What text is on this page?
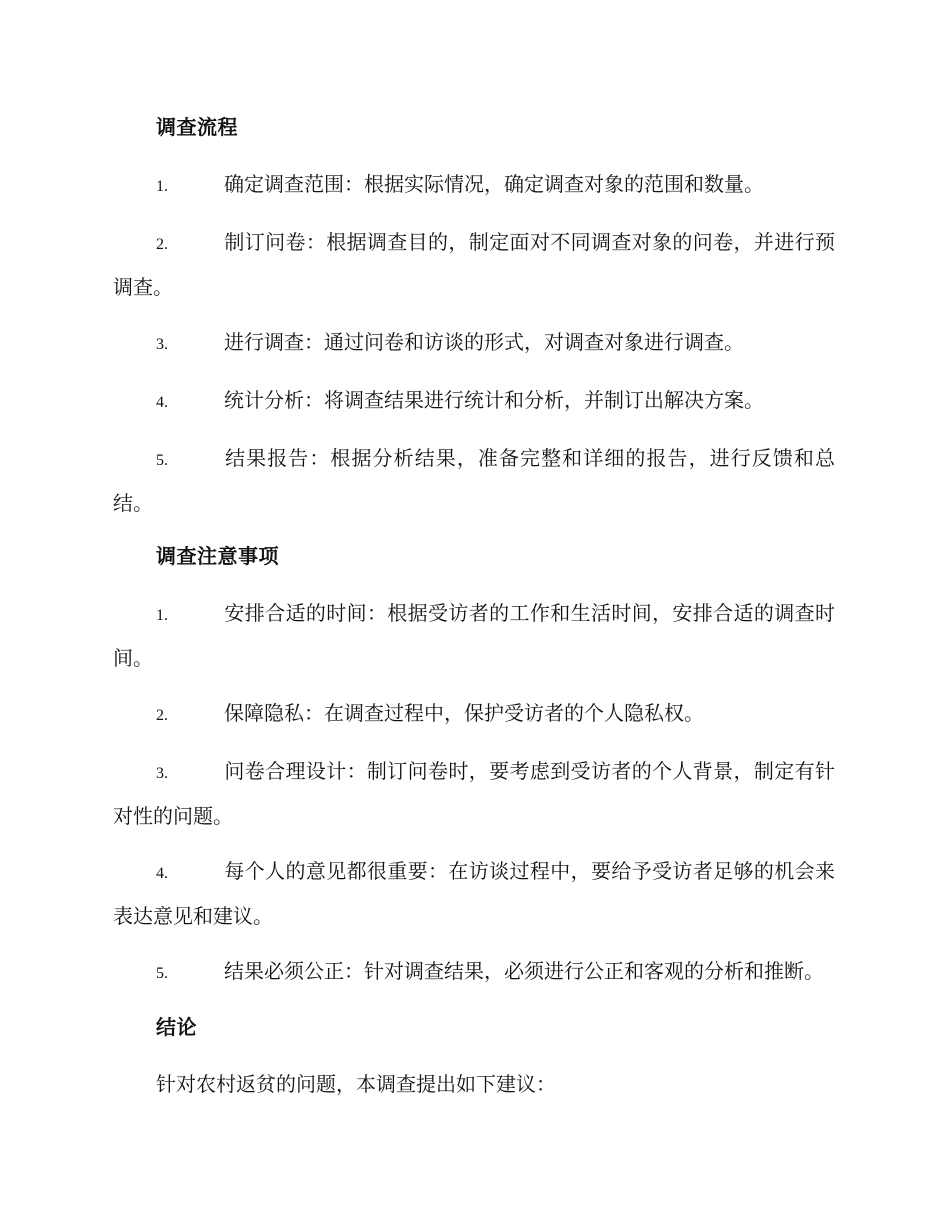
调查流程

1.	确定调查范围：根据实际情况，确定调查对象的范围和数量。

2.	制订问卷：根据调查目的，制定面对不同调查对象的问卷，并进行预调查。

3.	进行调查：通过问卷和访谈的形式，对调查对象进行调查。

4.	统计分析：将调查结果进行统计和分析，并制订出解决方案。

5.	结果报告：根据分析结果，准备完整和详细的报告，进行反馈和总结。

调查注意事项

1.	安排合适的时间：根据受访者的工作和生活时间，安排合适的调查时间。

2.	保障隐私：在调查过程中，保护受访者的个人隐私权。

3.	问卷合理设计：制订问卷时，要考虑到受访者的个人背景，制定有针对性的问题。

4.	每个人的意见都很重要：在访谈过程中，要给予受访者足够的机会来表达意见和建议。

5.	结果必须公正：针对调查结果，必须进行公正和客观的分析和推断。

结论

针对农村返贫的问题，本调查提出如下建议：
